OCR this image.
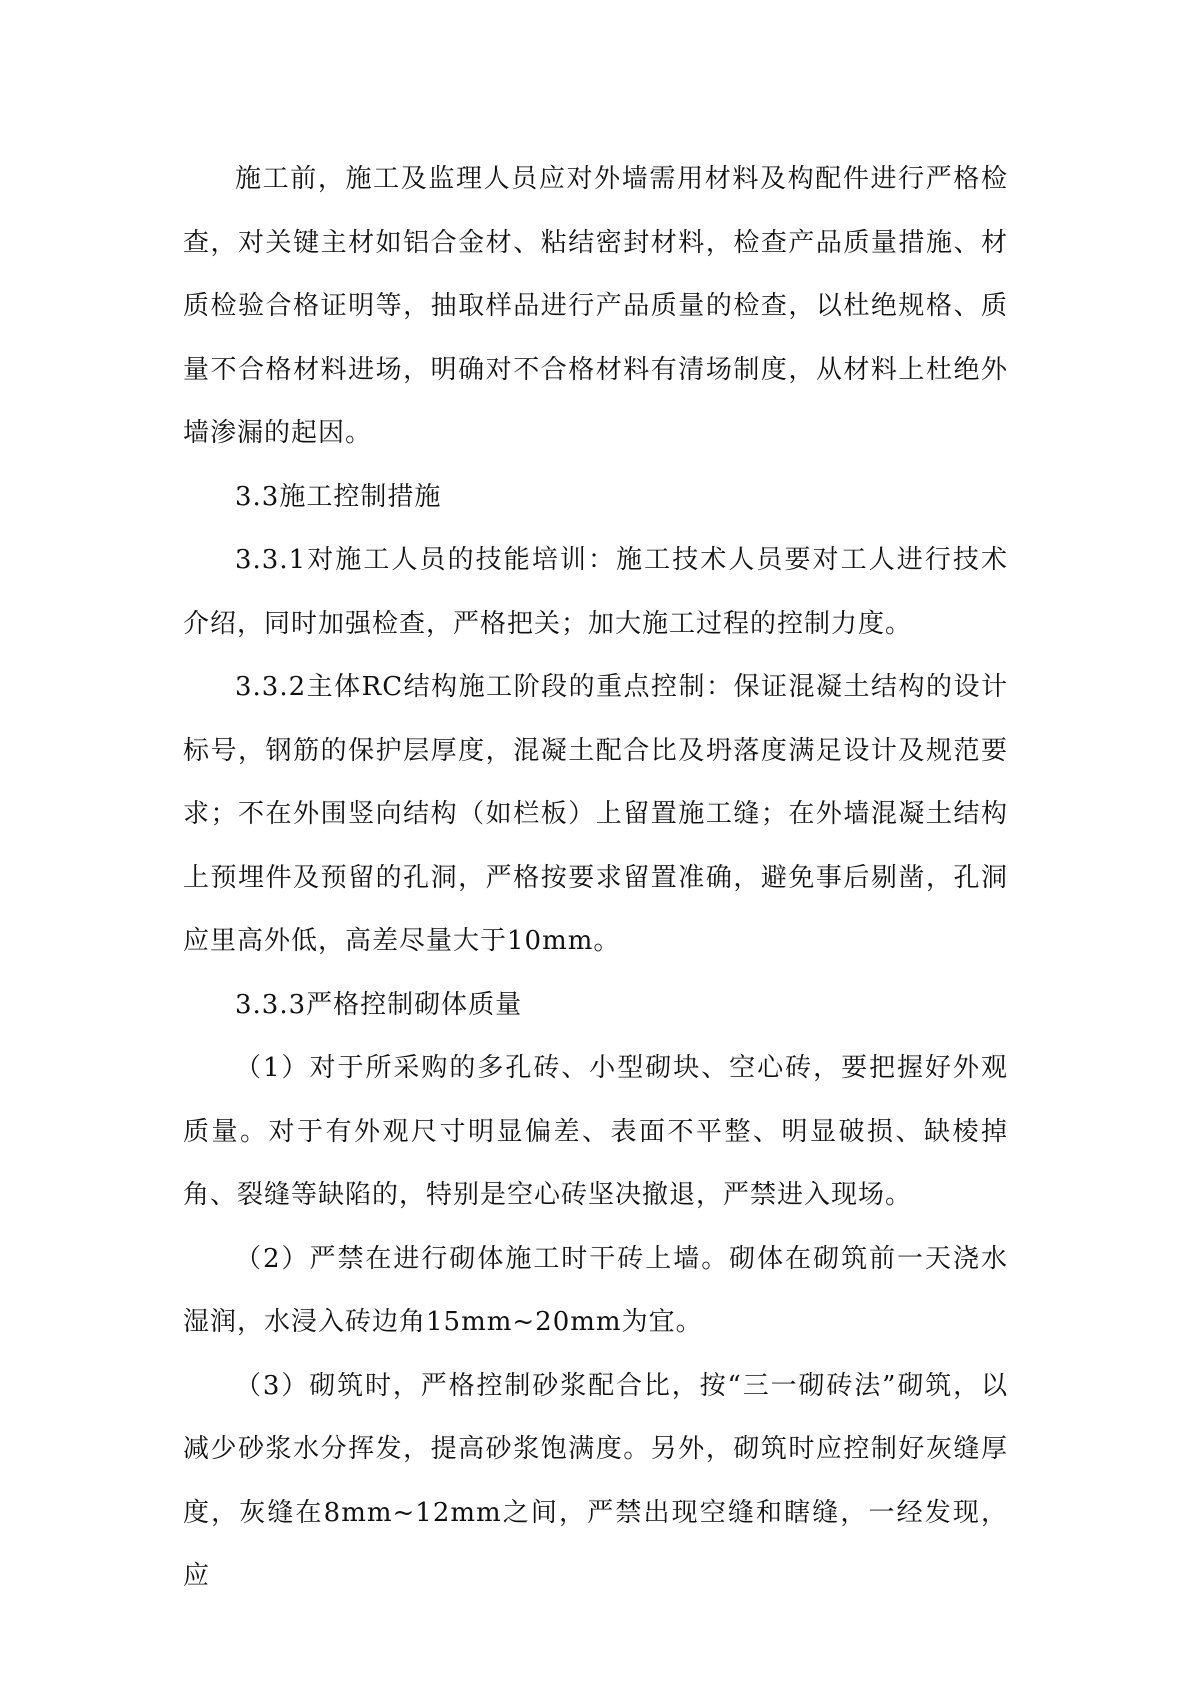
施工前，施工及监理人员应对外墙需用材料及构配件进行严格检查，对关键主材如铝合金材、粘结密封材料，检查产品质量措施、材质检验合格证明等，抽取样品进行产品质量的检查，以杜绝规格、质量不合格材料进场，明确对不合格材料有清场制度，从材料上杜绝外墙渗漏的起因。

3.3施工控制措施

3.3.1对施工人员的技能培训：施工技术人员要对工人进行技术介绍，同时加强检查，严格把关；加大施工过程的控制力度。

3.3.2主体RC结构施工阶段的重点控制：保证混凝土结构的设计标号，钢筋的保护层厚度，混凝土配合比及坍落度满足设计及规范要求；不在外围竖向结构（如栏板）上留置施工缝；在外墙混凝土结构上预埋件及预留的孔洞，严格按要求留置准确，避免事后剔凿，孔洞应里高外低，高差尽量大于10mm。

3.3.3严格控制砌体质量

（1）对于所采购的多孔砖、小型砌块、空心砖，要把握好外观质量。对于有外观尺寸明显偏差、表面不平整、明显破损、缺棱掉角、裂缝等缺陷的，特别是空心砖坚决撤退，严禁进入现场。

（2）严禁在进行砌体施工时干砖上墙。砌体在砌筑前一天浇水湿润，水浸入砖边角15mm~20mm为宜。

（3）砌筑时，严格控制砂浆配合比，按“三一砌砖法”砌筑，以减少砂浆水分挥发，提高砂浆饱满度。另外，砌筑时应控制好灰缝厚度，灰缝在8mm~12mm之间，严禁出现空缝和瞎缝，一经发现，应
